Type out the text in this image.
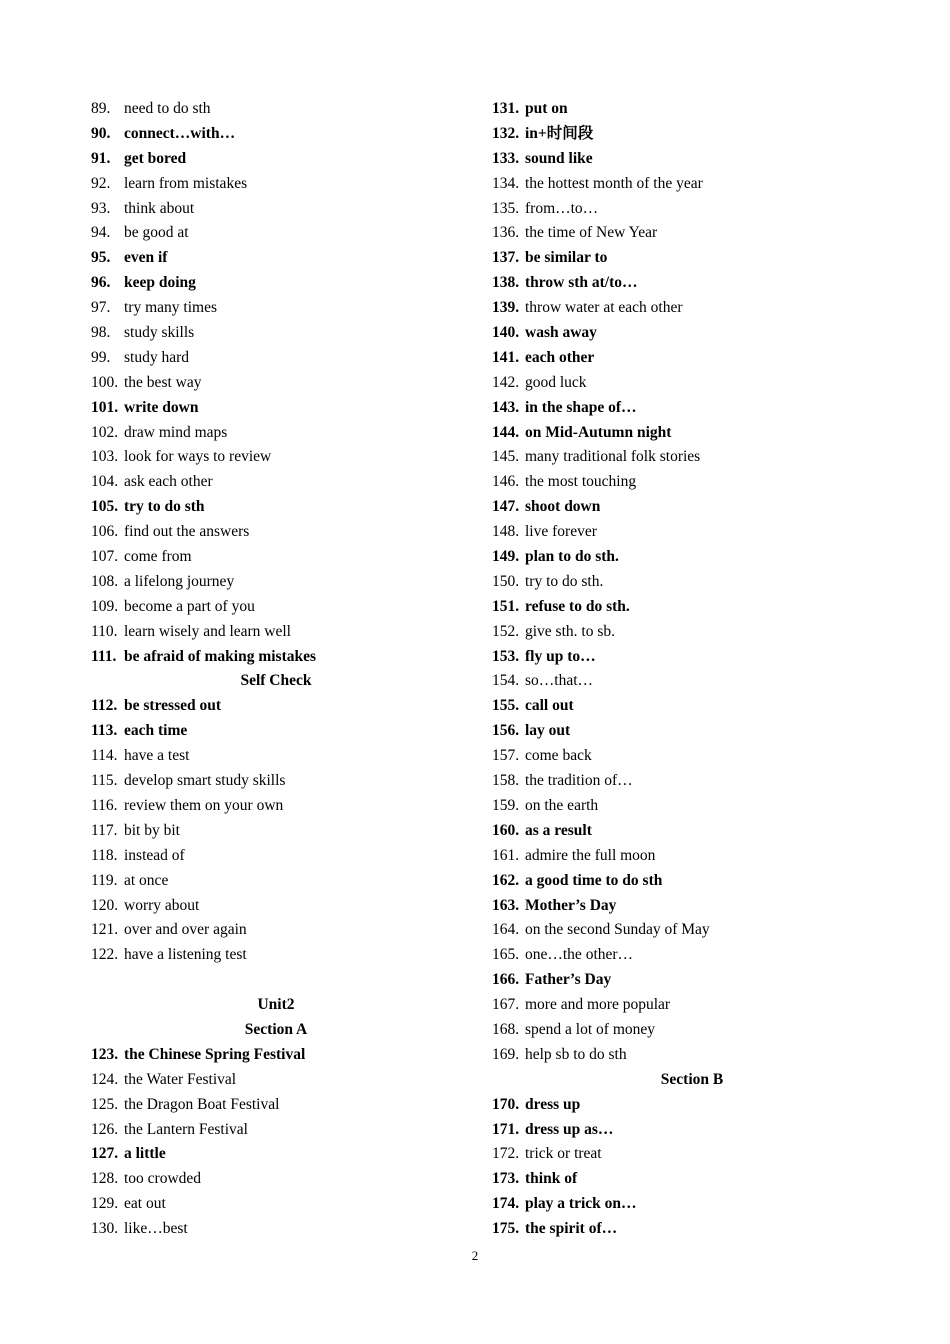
89. need to do sth
90. connect…with…
91. get bored
92. learn from mistakes
93. think about
94. be good at
95. even if
96. keep doing
97. try many times
98. study skills
99. study hard
100. the best way
101. write down
102. draw mind maps
103. look for ways to review
104. ask each other
105. try to do sth
106. find out the answers
107. come from
108. a lifelong journey
109. become a part of you
110. learn wisely and learn well
111. be afraid of making mistakes
Self Check
112. be stressed out
113. each time
114. have a test
115. develop smart study skills
116. review them on your own
117. bit by bit
118. instead of
119. at once
120. worry about
121. over and over again
122. have a listening test
Unit2
Section A
123. the Chinese Spring Festival
124. the Water Festival
125. the Dragon Boat Festival
126. the Lantern Festival
127. a little
128. too crowded
129. eat out
130. like…best
131. put on
132. in+时间段
133. sound like
134. the hottest month of the year
135. from…to…
136. the time of New Year
137. be similar to
138. throw sth at/to…
139. throw water at each other
140. wash away
141. each other
142. good luck
143. in the shape of…
144. on Mid-Autumn night
145. many traditional folk stories
146. the most touching
147. shoot down
148. live forever
149. plan to do sth.
150. try to do sth.
151. refuse to do sth.
152. give sth. to sb.
153. fly up to…
154. so…that…
155. call out
156. lay out
157. come back
158. the tradition of…
159. on the earth
160. as a result
161. admire the full moon
162. a good time to do sth
163. Mother’s Day
164. on the second Sunday of May
165. one…the other…
166. Father’s Day
167. more and more popular
168. spend a lot of money
169. help sb to do sth
Section B
170. dress up
171. dress up as…
172. trick or treat
173. think of
174. play a trick on…
175. the spirit of…
2
